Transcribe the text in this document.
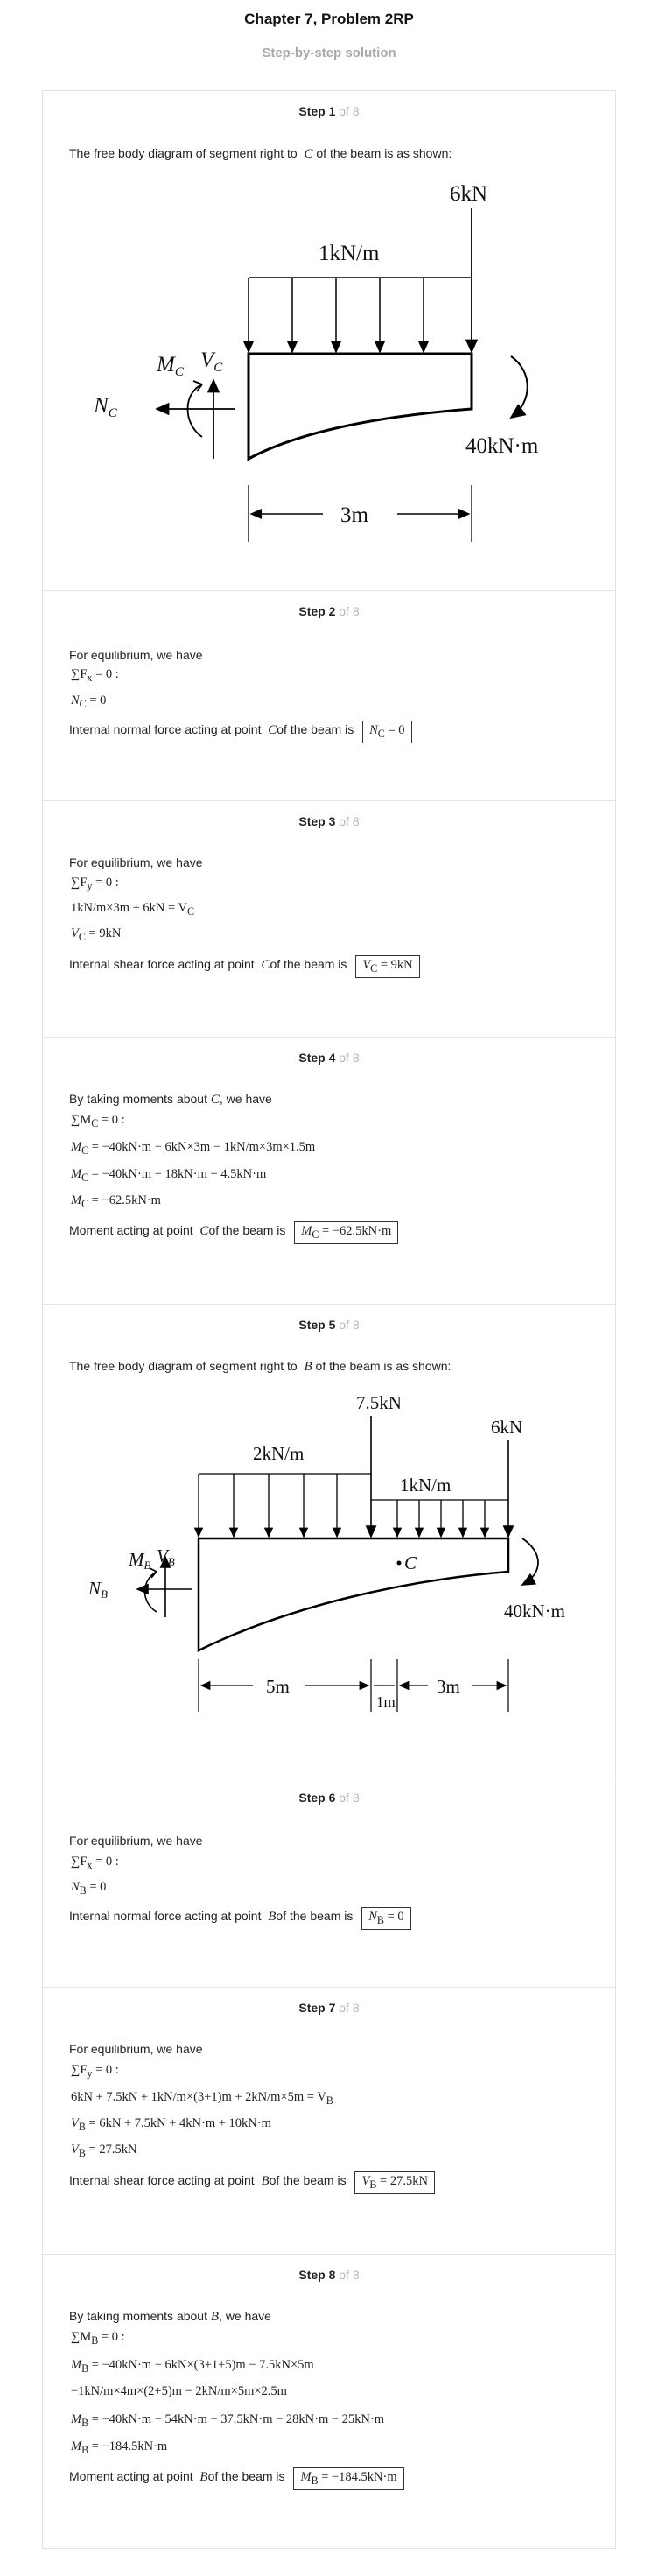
Chapter 7, Problem 2RP
Step-by-step solution
Step 1 of 8
The free body diagram of segment right to C of the beam is as shown:
1kN/m
6kN
40kN·m
$M_C$ $V_C$
$N_C$
3m
Step 2 of 8
For equilibrium, we have
$\sum F_x = 0$ :
$N_C = 0$
Internal normal force acting at point Cof the beam is $N_C = 0$
Step 3 of 8
For equilibrium, we have
$\sum F_y = 0$ :
$1kN/m\times 3m + 6kN = V_C$
$V_C = 9kN$
Internal shear force acting at point Cof the beam is $V_C = 9kN$
Step 4 of 8
By taking moments about C, we have
$\sum M_C = 0$ :
$M_C = -40kN\cdot m - 6kN\times 3m - 1kN/m\times 3m\times 1.5m$
$M_C = -40kN\cdot m - 18kN\cdot m - 4.5kN\cdot m$
$M_C = -62.5kN\cdot m$
Moment acting at point Cof the beam is $M_C = -62.5kN\cdot m$
Step 5 of 8
The free body diagram of segment right to B of the beam is as shown:
2kN/m
7.5kN
1kN/m
6kN
40kN·m
C
MB VB
NB
5m
1m
3m
Step 6 of 8
For equilibrium, we have
$\sum F_x = 0$ :
$N_B = 0$
Internal normal force acting at point Bof the beam is $N_B = 0$
Step 7 of 8
For equilibrium, we have
$\sum F_y = 0$ :
$6kN + 7.5kN + 1kN/m\times(3+1)m + 2kN/m\times 5m = V_B$
$V_B = 6kN + 7.5kN + 4kN\cdot m + 10kN\cdot m$
$V_B = 27.5kN$
Internal shear force acting at point Bof the beam is $V_B = 27.5kN$
Step 8 of 8
By taking moments about B, we have
$\sum M_B = 0$ :
$M_B = -40kN\cdot m - 6kN\times(3+1+5)m - 7.5kN\times 5m$
−1kN/m×4m×(2+5)m − 2kN/m×5m×2.5m
$M_B = -40kN\cdot m - 54kN\cdot m - 37.5kN\cdot m - 28kN\cdot m - 25kN\cdot m$
$M_B = -184.5kN\cdot m$
Moment acting at point Bof the beam is $M_B = -184.5kN\cdot m$
